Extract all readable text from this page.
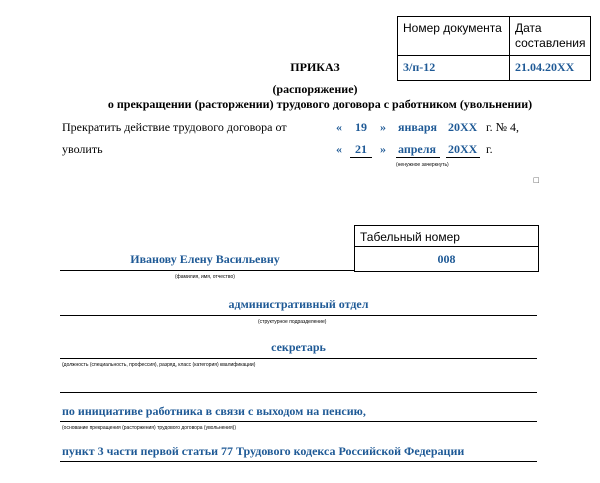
Номер документа	Дата составления
3/п-12	21.04.20XX
ПРИКАЗ
(распоряжение)
о прекращении (расторжении) трудового договора с работником (увольнении)
Прекратить действие трудового договора от	« 19 » января 20XX г. № 4,
уволить	« 21 » апреля 20XX г.
(ненужное зачеркнуть)
□
Табельный номер
008
Иванову Елену Васильевну
(фамилия, имя, отчество)
административный отдел
(структурное подразделение)
секретарь
(должность (специальность, профессия), разряд, класс (категория) квалификации)
по инициативе работника в связи с выходом на пенсию,
(основание прекращения (расторжения) трудового договора (увольнения))
пункт 3 части первой статьи 77 Трудового кодекса Российской Федерации
